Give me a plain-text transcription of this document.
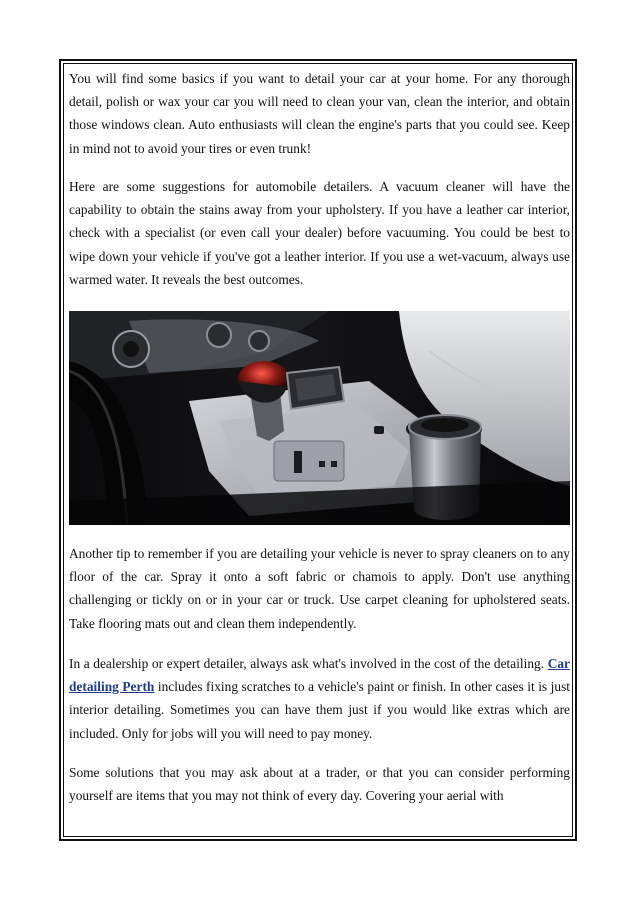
You will find some basics if you want to detail your car at your home. For any thorough detail, polish or wax your car you will need to clean your van, clean the interior, and obtain those windows clean. Auto enthusiasts will clean the engine's parts that you could see. Keep in mind not to avoid your tires or even trunk!

Here are some suggestions for automobile detailers. A vacuum cleaner will have the capability to obtain the stains away from your upholstery. If you have a leather car interior, check with a specialist (or even call your dealer) before vacuuming. You could be best to wipe down your vehicle if you've got a leather interior. If you use a wet-vacuum, always use warmed water. It reveals the best outcomes.

Another tip to remember if you are detailing your vehicle is never to spray cleaners on to any floor of the car. Spray it onto a soft fabric or chamois to apply. Don't use anything challenging or tickly on or in your car or truck. Use carpet cleaning for upholstered seats. Take flooring mats out and clean them independently.

In a dealership or expert detailer, always ask what's involved in the cost of the detailing. Car detailing Perth includes fixing scratches to a vehicle's paint or finish. In other cases it is just interior detailing. Sometimes you can have them just if you would like extras which are included. Only for jobs will you will need to pay money.

Some solutions that you may ask about at a trader, or that you can consider performing yourself are items that you may not think of every day. Covering your aerial with
